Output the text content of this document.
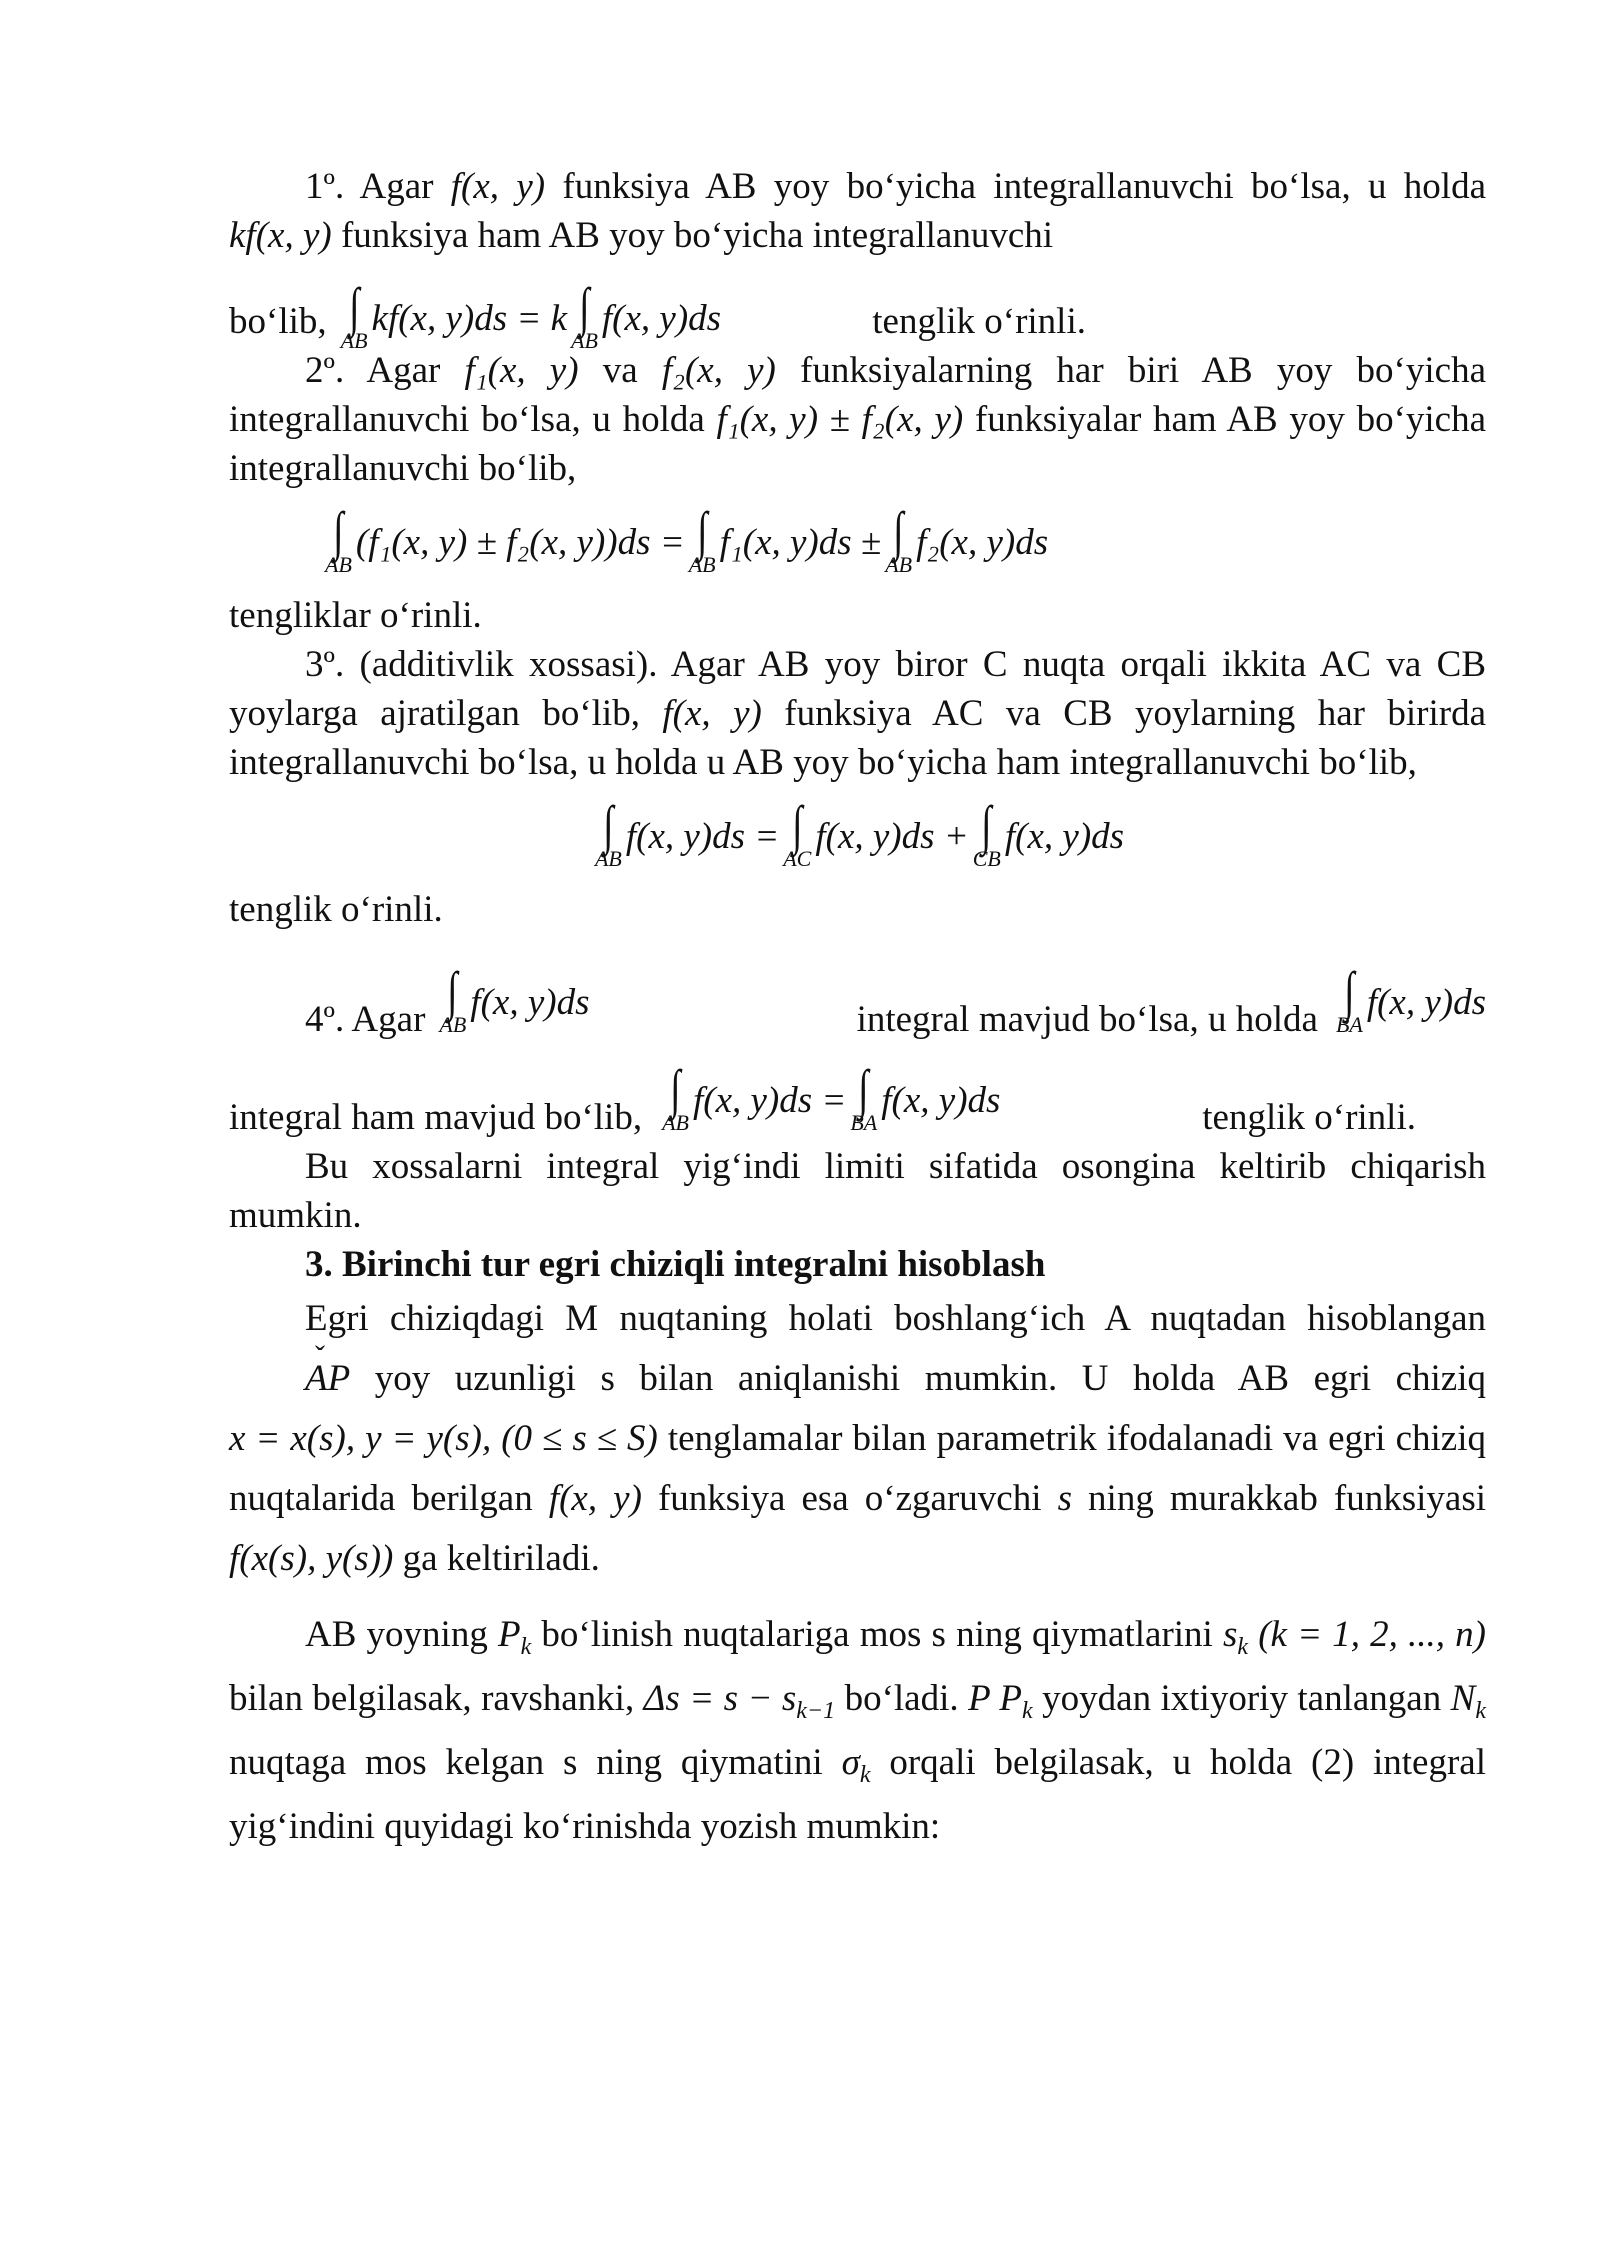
1º. Agar f(x, y) funksiya AB yoy bo‘yicha integrallanuvchi bo‘lsa, u holda kf(x, y) funksiya ham AB yoy bo‘yicha integrallanuvchi

bo‘lib, ∫
AB
kf(x, y)ds = k ∫
AB
f(x, y)ds	tenglik o‘rinli.

2º. Agar f₁(x, y) va f₂(x, y) funksiyalarning har biri AB yoy bo‘yicha integrallanuvchi bo‘lsa, u holda f₁(x, y) ± f₂(x, y) funksiyalar ham AB yoy bo‘yicha integrallanuvchi bo‘lib,

∫
AB
(f₁(x, y) ± f₂(x, y))ds = ∫
AB
f₁(x, y)ds ± ∫
AB
f₂(x, y)ds

tengliklar o‘rinli.

3º. (additivlik xossasi). Agar AB yoy biror C nuqta orqali ikkita AC va CB yoylarga ajratilgan bo‘lib, f(x, y) funksiya AC va CB yoylarning har birirda integrallanuvchi bo‘lsa, u holda u AB yoy bo‘yicha ham integrallanuvchi bo‘lib,

∫
AB
f(x, y)ds = ∫
AC
f(x, y)ds + ∫
CB
f(x, y)ds

tenglik o‘rinli.

4º. Agar ∫
AB
f(x, y)ds	integral mavjud bo‘lsa, u holda ∫
BA
f(x, y)ds
integral ham mavjud bo‘lib, ∫
AB
f(x, y)ds = ∫
BA
f(x, y)ds	tenglik o‘rinli.

Bu xossalarni integral yig‘indi limiti sifatida osongina keltirib chiqarish mumkin.

3. Birinchi tur egri chiziqli integralni hisoblash

Egri chiziqdagi M nuqtaning holati boshlang‘ich A nuqtadan hisoblangan ˇ AP yoy uzunligi s bilan aniqlanishi mumkin. U holda AB egri chiziq x = x(s), y = y(s), (0 ≤ s ≤ S) tenglamalar bilan parametrik ifodalanadi va egri chiziq nuqtalarida berilgan f(x, y) funksiya esa o‘zgaruvchi s ning murakkab funksiyasi f(x(s), y(s)) ga keltiriladi.

AB yoyning $P_k$ bo‘linish nuqtalariga mos s ning qiymatlarini $s_k$ (k = 1, 2, ..., n) bilan belgilasak, ravshanki, $\Delta s = s - s_{k-1}$ bo‘ladi. P $P_k$ yoydan ixtiyoriy tanlangan $N_k$ nuqtaga mos kelgan s ning qiymatini $\sigma_k$ orqali belgilasak, u holda (2) integral yig‘indini quyidagi ko‘rinishda yozish mumkin:
